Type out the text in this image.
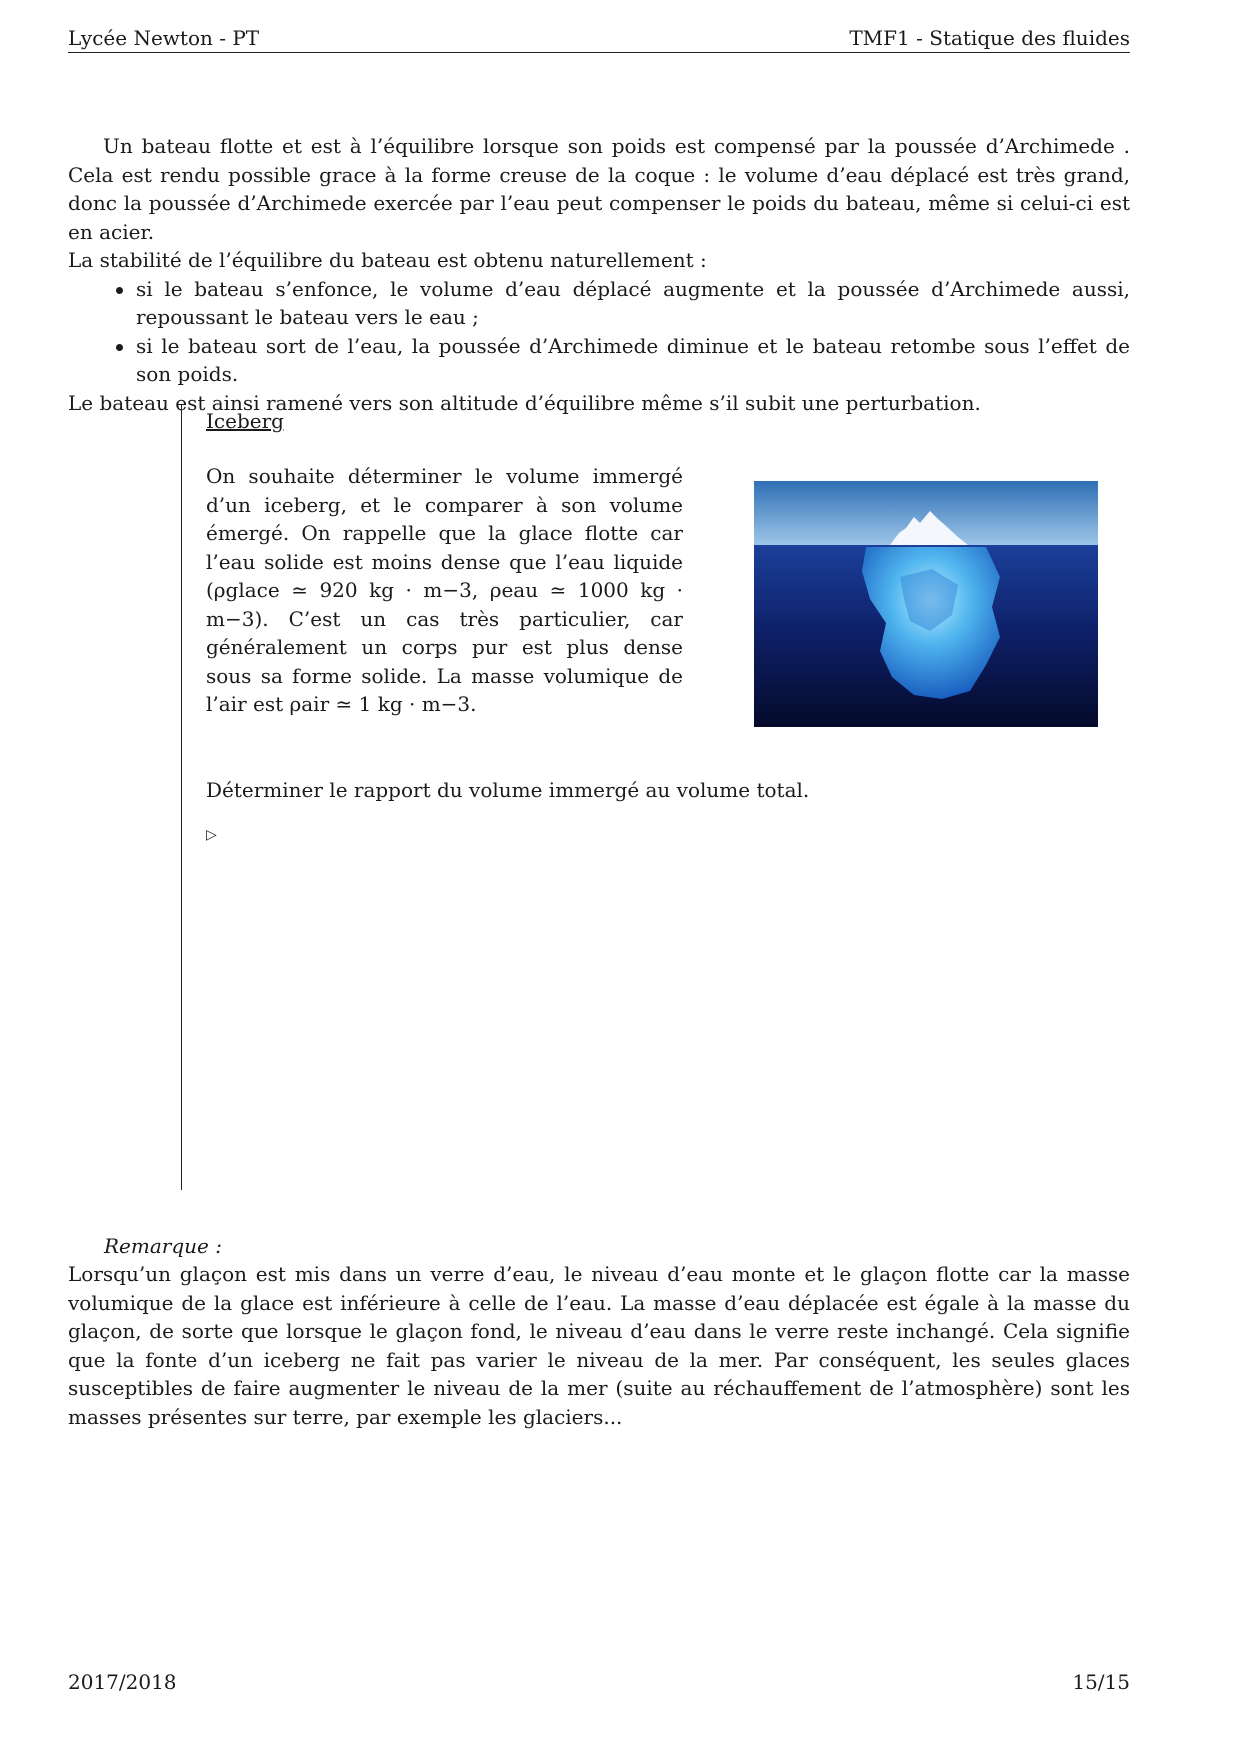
Lycée Newton - PT	TMF1 - Statique des fluides

Un bateau flotte et est à l’équilibre lorsque son poids est compensé par la poussée d’Archimede . Cela est rendu possible grace à la forme creuse de la coque : le volume d’eau déplacé est très grand, donc la poussée d’Archimede exercée par l’eau peut compenser le poids du bateau, même si celui-ci est en acier.

La stabilité de l’équilibre du bateau est obtenu naturellement :

si le bateau s’enfonce, le volume d’eau déplacé augmente et la poussée d’Archimede aussi, repoussant le bateau vers le eau ;
si le bateau sort de l’eau, la poussée d’Archimede diminue et le bateau retombe sous l’effet de son poids.

Le bateau est ainsi ramené vers son altitude d’équilibre même s’il subit une perturbation.

Iceberg

On souhaite déterminer le volume immergé d’un iceberg, et le comparer à son volume émergé. On rappelle que la glace flotte car l’eau solide est moins dense que l’eau liquide (ρglace ≃ 920 kg · m−3, ρeau ≃ 1000 kg · m−3). C’est un cas très particulier, car généralement un corps pur est plus dense sous sa forme solide. La masse volumique de l’air est ρair ≃ 1 kg · m−3.

Déterminer le rapport du volume immergé au volume total.

▷

Remarque :

Lorsqu’un glaçon est mis dans un verre d’eau, le niveau d’eau monte et le glaçon flotte car la masse volumique de la glace est inférieure à celle de l’eau. La masse d’eau déplacée est égale à la masse du glaçon, de sorte que lorsque le glaçon fond, le niveau d’eau dans le verre reste inchangé. Cela signifie que la fonte d’un iceberg ne fait pas varier le niveau de la mer. Par conséquent, les seules glaces susceptibles de faire augmenter le niveau de la mer (suite au réchauffement de l’atmosphère) sont les masses présentes sur terre, par exemple les glaciers...

2017/2018	15/15
